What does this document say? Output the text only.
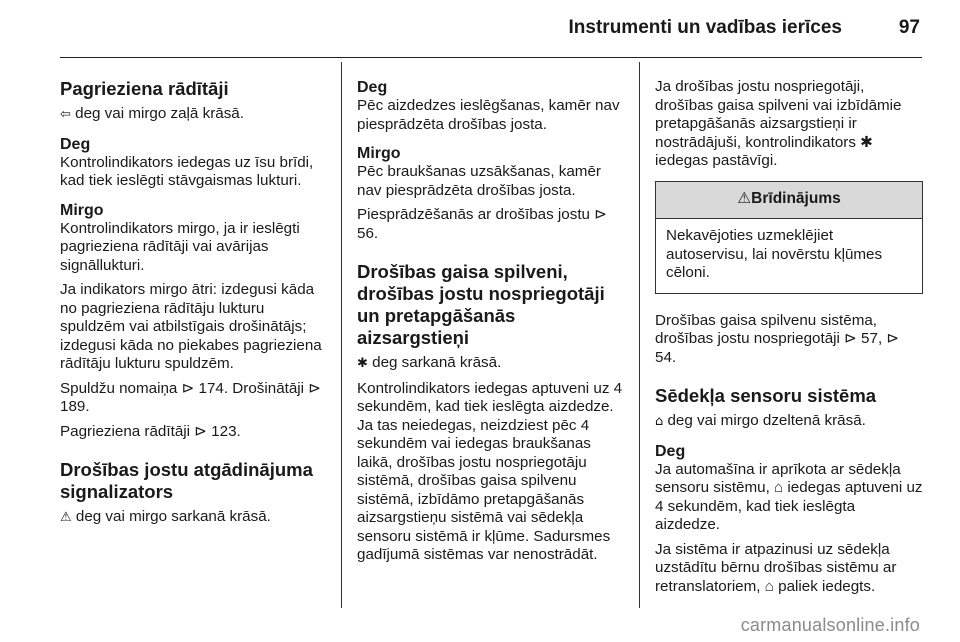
Instrumenti un vadības ierīces	97
Pagrieziena rādītāji

⇦ deg vai mirgo zaļā krāsā.

Deg

Kontrolindikators iedegas uz īsu brīdi, kad tiek ieslēgti stāvgaismas lukturi.

Mirgo

Kontrolindikators mirgo, ja ir ieslēgti pagrieziena rādītāji vai avārijas signāllukturi.

Ja indikators mirgo ātri: izdegusi kāda no pagrieziena rādītāju lukturu spuldzēm vai atbilstīgais drošinātājs; izdegusi kāda no piekabes pagrieziena rādītāju lukturu spuldzēm.

Spuldžu nomaiņa ⊳ 174. Drošinātāji ⊳ 189.

Pagrieziena rādītāji ⊳ 123.

Drošības jostu atgādinājuma signalizators

⚠ deg vai mirgo sarkanā krāsā.

Deg

Pēc aizdedzes ieslēgšanas, kamēr nav piesprādzēta drošības josta.

Mirgo

Pēc braukšanas uzsākšanas, kamēr nav piesprādzēta drošības josta.

Piesprādzēšanās ar drošības jostu ⊳ 56.

Drošības gaisa spilveni, drošības jostu nospriegotāji un pretapgāšanās aizsargstieņi

✱ deg sarkanā krāsā.

Kontrolindikators iedegas aptuveni uz 4 sekundēm, kad tiek ieslēgta aizdedze. Ja tas neiedegas, neizdziest pēc 4 sekundēm vai iedegas braukšanas laikā, drošības jostu nospriegotāju sistēmā, drošības gaisa spilvenu sistēmā, izbīdāmo pretapgāšanās aizsargstieņu sistēmā vai sēdekļa sensoru sistēmā ir kļūme. Sadursmes gadījumā sistēmas var nenostrādāt.

Ja drošības jostu nospriegotāji, drošības gaisa spilveni vai izbīdāmie pretapgāšanās aizsargstieņi ir nostrādājuši, kontrolindikators ✱ iedegas pastāvīgi.

⚠Brīdinājums
Nekavējoties uzmeklējiet autoservisu, lai novērstu kļūmes cēloni.

Drošības gaisa spilvenu sistēma, drošības jostu nospriegotāji ⊳ 57, ⊳ 54.

Sēdekļa sensoru sistēma

⌂ deg vai mirgo dzeltenā krāsā.

Deg

Ja automašīna ir aprīkota ar sēdekļa sensoru sistēmu, ⌂ iedegas aptuveni uz 4 sekundēm, kad tiek ieslēgta aizdedze.

Ja sistēma ir atpazinusi uz sēdekļa uzstādītu bērnu drošības sistēmu ar retranslatoriem, ⌂ paliek iedegts.

carmanualsonline.info
